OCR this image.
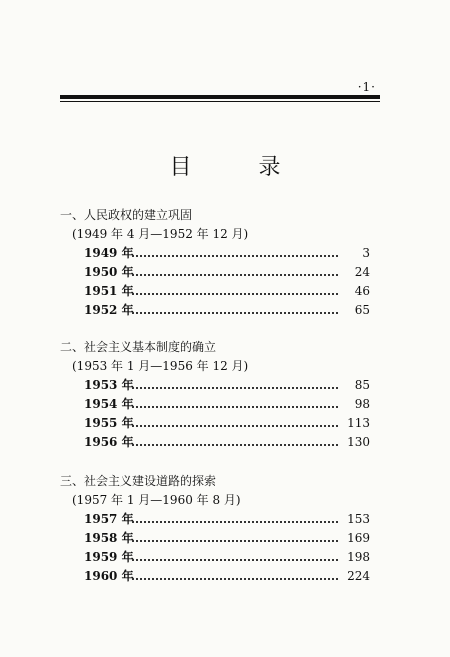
·1·
目 录
一、人民政权的建立巩固
(1949 年 4 月—1952 年 12 月)
1949 年	3
1950 年	24
1951 年	46
1952 年	65
二、社会主义基本制度的确立
(1953 年 1 月—1956 年 12 月)
1953 年	85
1954 年	98
1955 年	113
1956 年	130
三、社会主义建设道路的探索
(1957 年 1 月—1960 年 8 月)
1957 年	153
1958 年	169
1959 年	198
1960 年	224
